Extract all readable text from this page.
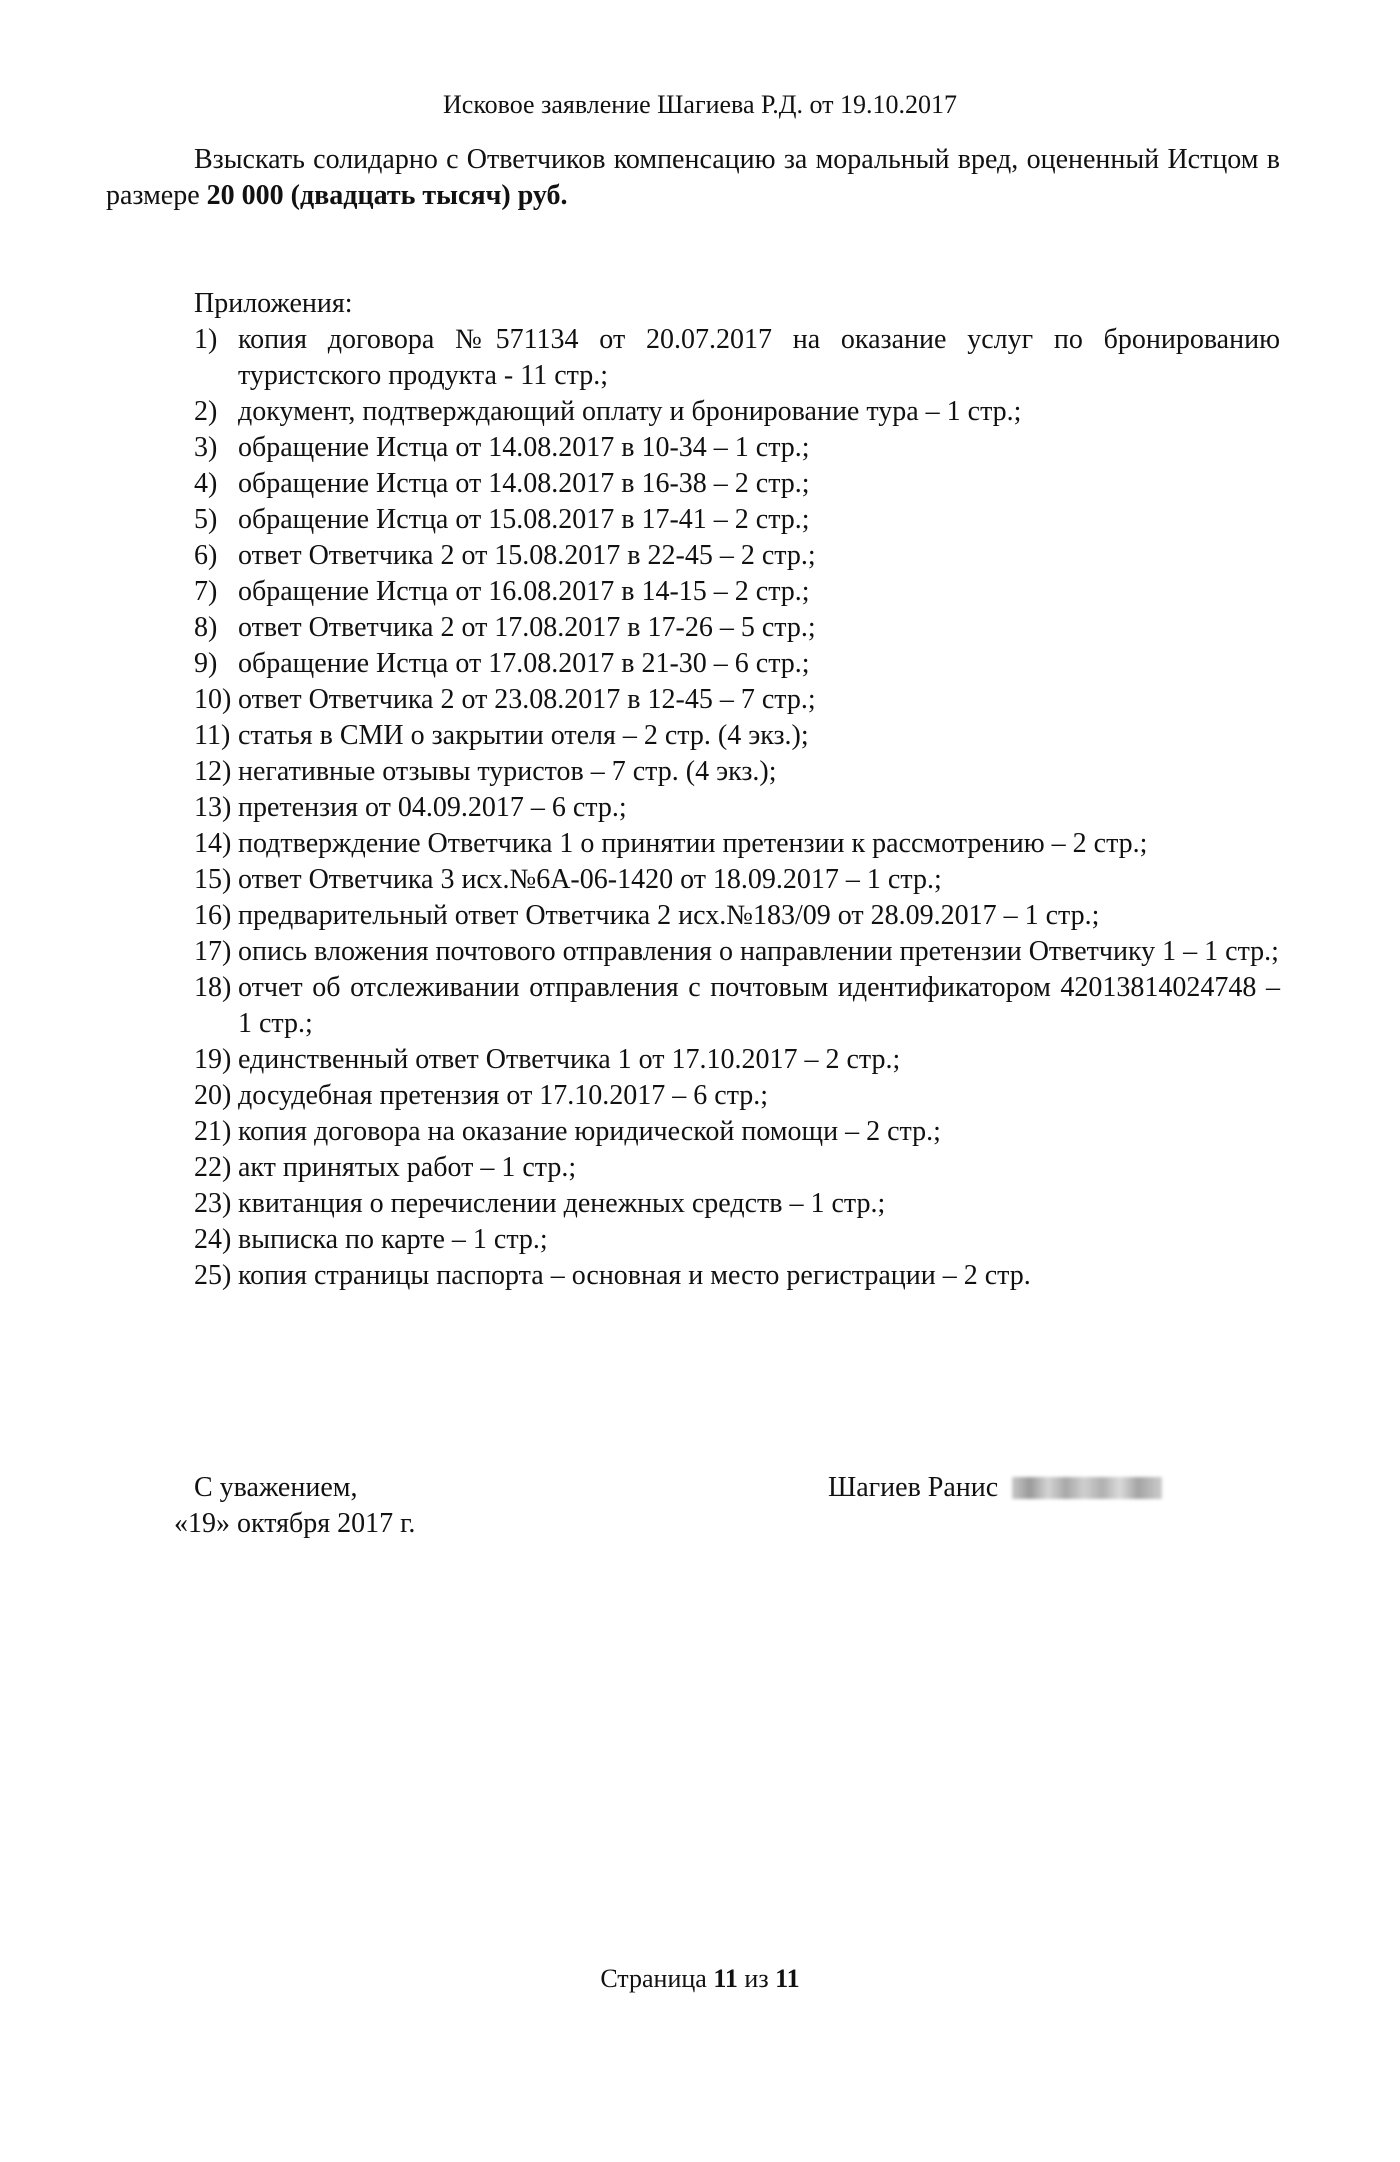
Исковое заявление Шагиева Р.Д. от 19.10.2017
Взыскать солидарно с Ответчиков компенсацию за моральный вред, оцененный Истцом в размере 20 000 (двадцать тысяч) руб.
Приложения:
1) копия договора №571134 от 20.07.2017 на оказание услуг по бронированию туристского продукта - 11 стр.;
2) документ, подтверждающий оплату и бронирование тура – 1 стр.;
3) обращение Истца от 14.08.2017 в 10-34 – 1 стр.;
4) обращение Истца от 14.08.2017 в 16-38 – 2 стр.;
5) обращение Истца от 15.08.2017 в 17-41 – 2 стр.;
6) ответ Ответчика 2 от 15.08.2017 в 22-45 – 2 стр.;
7) обращение Истца от 16.08.2017 в 14-15 – 2 стр.;
8) ответ Ответчика 2 от 17.08.2017 в 17-26 – 5 стр.;
9) обращение Истца от 17.08.2017 в 21-30 – 6 стр.;
10) ответ Ответчика 2 от 23.08.2017 в 12-45 – 7 стр.;
11) статья в СМИ о закрытии отеля – 2 стр. (4 экз.);
12) негативные отзывы туристов – 7 стр. (4 экз.);
13) претензия от 04.09.2017 – 6 стр.;
14) подтверждение Ответчика 1 о принятии претензии к рассмотрению – 2 стр.;
15) ответ Ответчика 3 исх.№6А-06-1420 от 18.09.2017 – 1 стр.;
16) предварительный ответ Ответчика 2 исх.№183/09 от 28.09.2017 – 1 стр.;
17) опись вложения почтового отправления о направлении претензии Ответчику 1 – 1 стр.;
18) отчет об отслеживании отправления с почтовым идентификатором 42013814024748 – 1 стр.;
19) единственный ответ Ответчика 1 от 17.10.2017 – 2 стр.;
20) досудебная претензия от 17.10.2017 – 6 стр.;
21) копия договора на оказание юридической помощи – 2 стр.;
22) акт принятых работ – 1 стр.;
23) квитанция о перечислении денежных средств – 1 стр.;
24) выписка по карте – 1 стр.;
25) копия страницы паспорта – основная и место регистрации – 2 стр.
С уважением,
«19» октября 2017 г.
Шагиев Ранис
Страница 11 из 11
